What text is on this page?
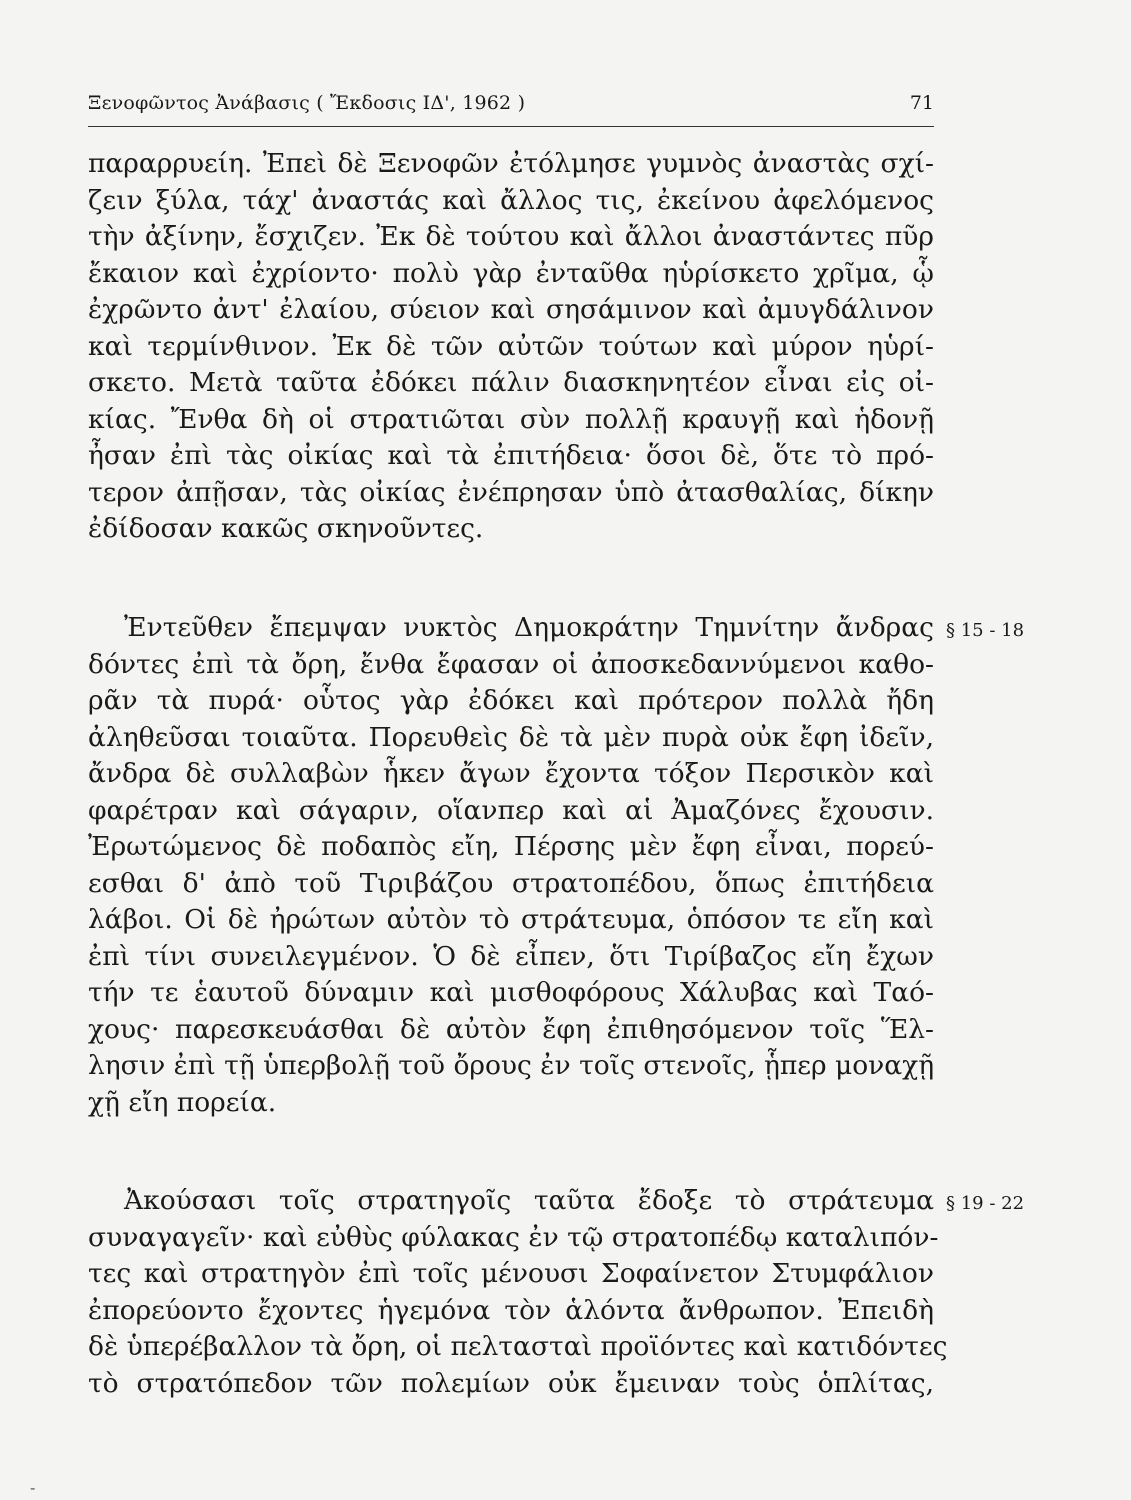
Ξενοφῶντος Ἀνάβασις ( Ἔκδοσις ΙΔ', 1962 )	71
παραρρυείη. Ἐπεὶ δὲ Ξενοφῶν ἐτόλμησε γυμνὸς ἀναστὰς σχί-
ζειν ξύλα, τάχ' ἀναστάς καὶ ἄλλος τις, ἐκείνου ἀφελόμενος
τὴν ἀξίνην, ἔσχιζεν. Ἐκ δὲ τούτου καὶ ἄλλοι ἀναστάντες πῦρ
ἔκαιον καὶ ἐχρίοντο· πολὺ γὰρ ἐνταῦθα ηὑρίσκετο χρῖμα, ᾧ
ἐχρῶντο ἀντ' ἐλαίου, σύειον καὶ σησάμινον καὶ ἀμυγδάλινον
καὶ τερμίνθινον. Ἐκ δὲ τῶν αὐτῶν τούτων καὶ μύρον ηὑρί-
σκετο. Μετὰ ταῦτα ἐδόκει πάλιν διασκηνητέον εἶναι εἰς οἰ-
κίας. Ἔνθα δὴ οἱ στρατιῶται σὺν πολλῇ κραυγῇ καὶ ἡδονῇ
ἦσαν ἐπὶ τὰς οἰκίας καὶ τὰ ἐπιτήδεια· ὅσοι δὲ, ὅτε τὸ πρό-
τερον ἀπῇσαν, τὰς οἰκίας ἐνέπρησαν ὑπὸ ἀτασθαλίας, δίκην
ἐδίδοσαν κακῶς σκηνοῦντες.
Ἐντεῦθεν ἔπεμψαν νυκτὸς Δημοκράτην Τημνίτην ἄνδρας
δόντες ἐπὶ τὰ ὄρη, ἔνθα ἔφασαν οἱ ἀποσκεδαννύμενοι καθο-
ρᾶν τὰ πυρά· οὗτος γὰρ ἐδόκει καὶ πρότερον πολλὰ ἤδη
ἀληθεῦσαι τοιαῦτα. Πορευθεὶς δὲ τὰ μὲν πυρὰ οὐκ ἔφη ἰδεῖν,
ἄνδρα δὲ συλλαβὼν ἧκεν ἄγων ἔχοντα τόξον Περσικὸν καὶ
φαρέτραν καὶ σάγαριν, οἵανπερ καὶ αἱ Ἀμαζόνες ἔχουσιν.
Ἐρωτώμενος δὲ ποδαπὸς εἴη, Πέρσης μὲν ἔφη εἶναι, πορεύ-
εσθαι δ' ἀπὸ τοῦ Τιριβάζου στρατοπέδου, ὅπως ἐπιτήδεια
λάβοι. Οἱ δὲ ἠρώτων αὐτὸν τὸ στράτευμα, ὁπόσον τε εἴη καὶ
ἐπὶ τίνι συνειλεγμένον. Ὁ δὲ εἶπεν, ὅτι Τιρίβαζος εἴη ἔχων
τήν τε ἑαυτοῦ δύναμιν καὶ μισθοφόρους Χάλυβας καὶ Ταό-
χους· παρεσκευάσθαι δὲ αὐτὸν ἔφη ἐπιθησόμενον τοῖς Ἕλ-
λησιν ἐπὶ τῇ ὑπερβολῇ τοῦ ὄρους ἐν τοῖς στενοῖς, ᾗπερ μοναχῇ
χῇ εἴη πορεία.
Ἀκούσασι τοῖς στρατηγοῖς ταῦτα ἔδοξε τὸ στράτευμα
συναγαγεῖν· καὶ εὐθὺς φύλακας ἐν τῷ στρατοπέδῳ καταλιπόν-
τες καὶ στρατηγὸν ἐπὶ τοῖς μένουσι Σοφαίνετον Στυμφάλιον
ἐπορεύοντο ἔχοντες ἡγεμόνα τὸν ἁλόντα ἄνθρωπον. Ἐπειδὴ
δὲ ὑπερέβαλλον τὰ ὄρη, οἱ πελτασταὶ προϊόντες καὶ κατιδόντες
τὸ στρατόπεδον τῶν πολεμίων οὐκ ἔμειναν τοὺς ὁπλίτας,
§ 15 - 18
§ 19 - 22
-
